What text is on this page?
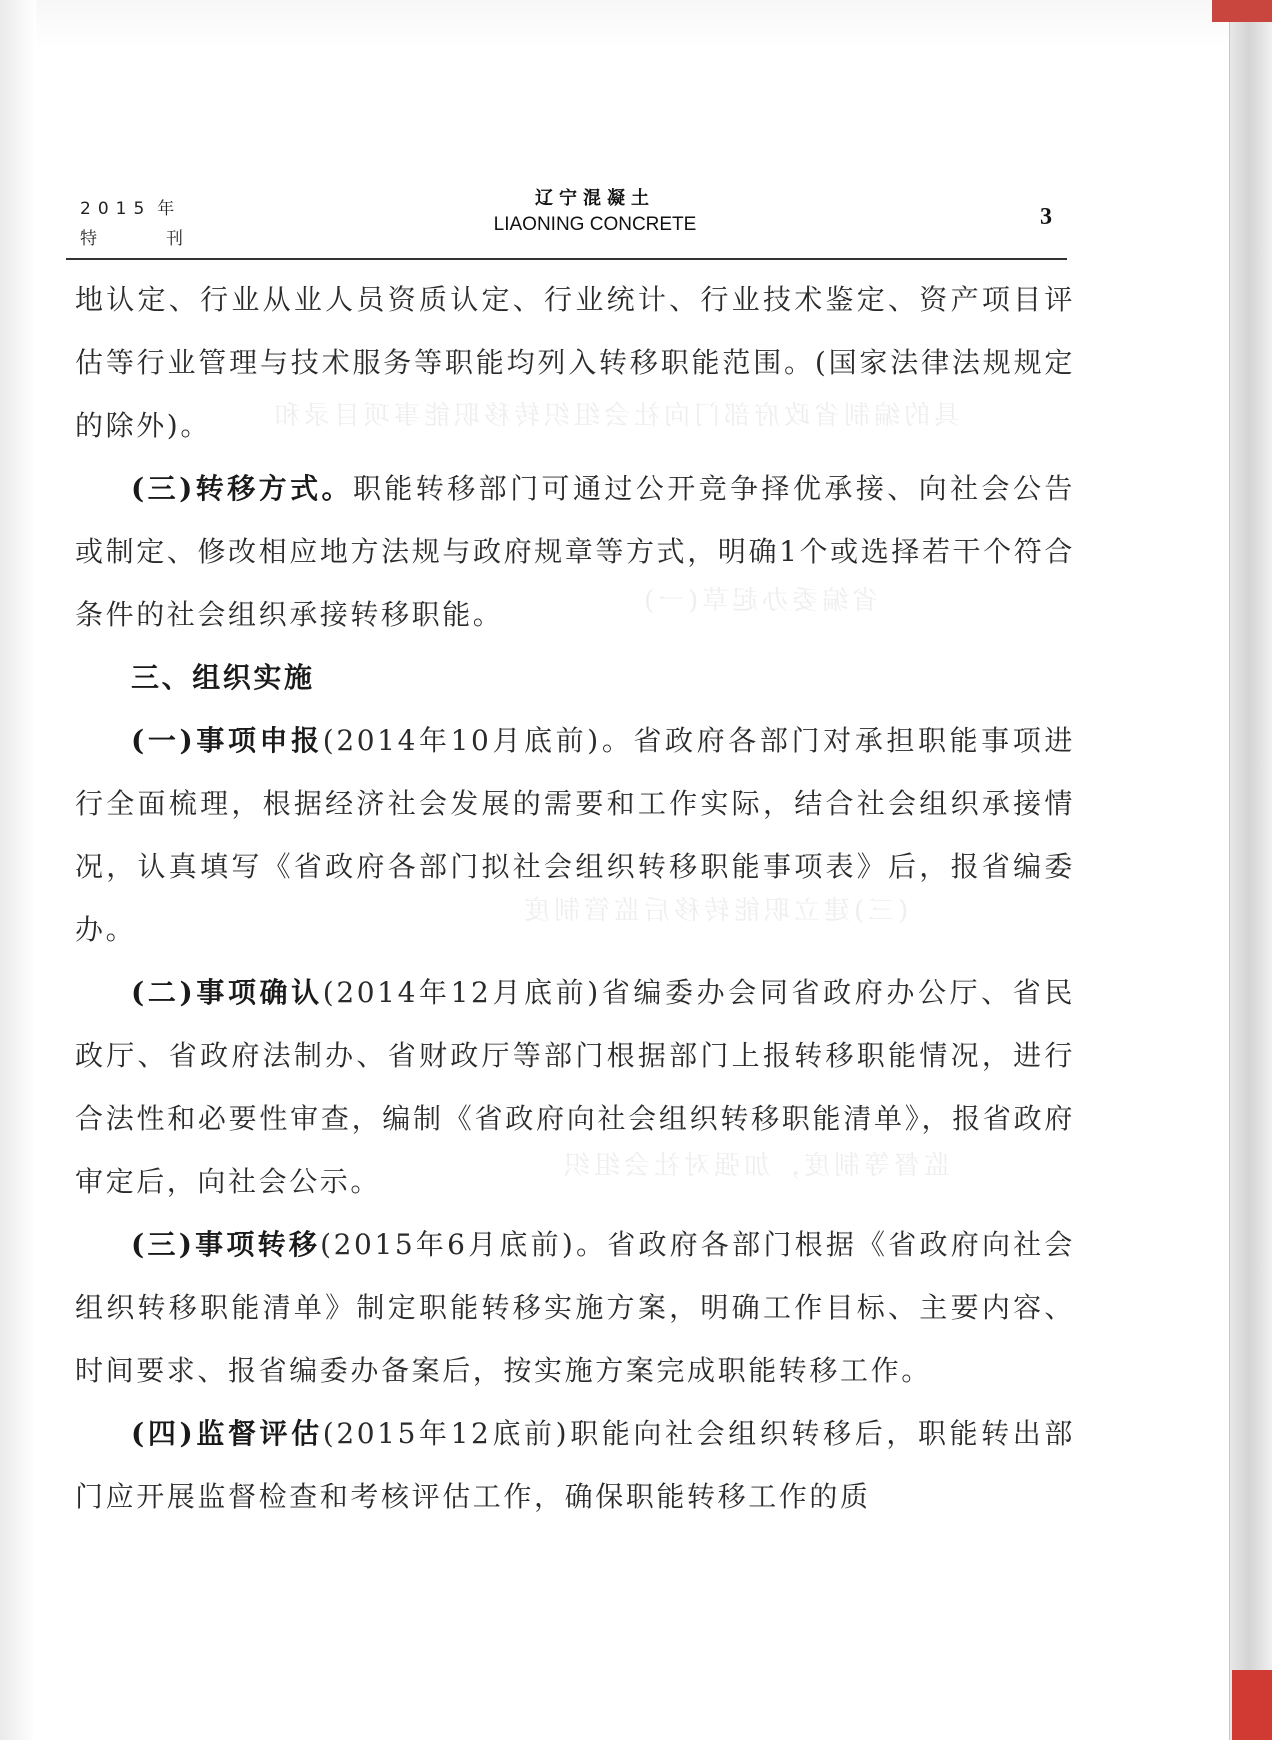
具的编制省政府部门向社会组织转移职能事项目录和
省编委办起草(一)
(三)建立职能转移后监管制度
监督等制度，加强对社会组织
2015 年
特	刊
辽宁混凝土
LIAONING CONCRETE	3

地认定、行业从业人员资质认定、行业统计、行业技术鉴定、资产项目评估等行业管理与技术服务等职能均列入转移职能范围。(国家法律法规规定的除外)。

(三)转移方式。职能转移部门可通过公开竞争择优承接、向社会公告或制定、修改相应地方法规与政府规章等方式，明确1个或选择若干个符合条件的社会组织承接转移职能。

三、组织实施

(一)事项申报(2014年10月底前)。省政府各部门对承担职能事项进行全面梳理，根据经济社会发展的需要和工作实际，结合社会组织承接情况，认真填写《省政府各部门拟社会组织转移职能事项表》后，报省编委办。

(二)事项确认(2014年12月底前)省编委办会同省政府办公厅、省民政厅、省政府法制办、省财政厅等部门根据部门上报转移职能情况，进行合法性和必要性审查，编制《省政府向社会组织转移职能清单》，报省政府审定后，向社会公示。

(三)事项转移(2015年6月底前)。省政府各部门根据《省政府向社会组织转移职能清单》制定职能转移实施方案，明确工作目标、主要内容、时间要求、报省编委办备案后，按实施方案完成职能转移工作。

(四)监督评估(2015年12底前)职能向社会组织转移后，职能转出部门应开展监督检查和考核评估工作，确保职能转移工作的质
